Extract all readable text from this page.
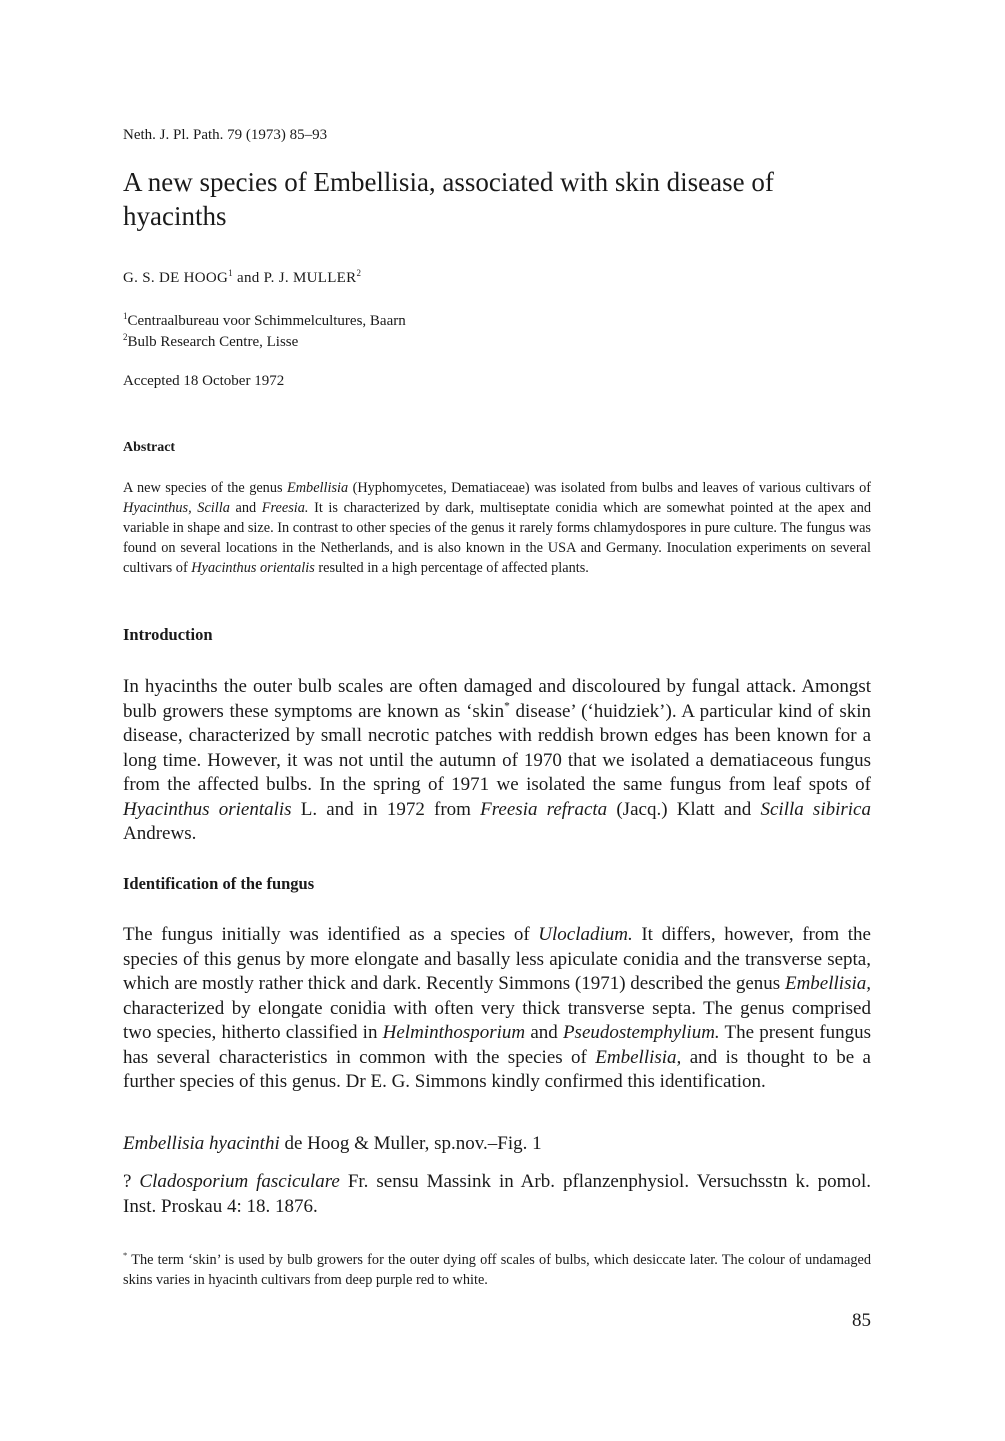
Neth. J. Pl. Path. 79 (1973) 85–93
A new species of Embellisia, associated with skin disease of hyacinths
G. S. DE HOOG$^1$ and P. J. MULLER$^2$
$^1$Centraalbureau voor Schimmelcultures, Baarn
$^2$Bulb Research Centre, Lisse
Accepted 18 October 1972
Abstract
A new species of the genus Embellisia (Hyphomycetes, Dematiaceae) was isolated from bulbs and leaves of various cultivars of Hyacinthus, Scilla and Freesia. It is characterized by dark, multiseptate conidia which are somewhat pointed at the apex and variable in shape and size. In contrast to other species of the genus it rarely forms chlamydospores in pure culture. The fungus was found on several locations in the Netherlands, and is also known in the USA and Germany. Inoculation experiments on several cultivars of Hyacinthus orientalis resulted in a high percentage of affected plants.
Introduction
In hyacinths the outer bulb scales are often damaged and discoloured by fungal attack. Amongst bulb growers these symptoms are known as ‘skin* disease’ (‘huidziek’). A particular kind of skin disease, characterized by small necrotic patches with reddish brown edges has been known for a long time. However, it was not until the autumn of 1970 that we isolated a dematiaceous fungus from the affected bulbs. In the spring of 1971 we isolated the same fungus from leaf spots of Hyacinthus orientalis L. and in 1972 from Freesia refracta (Jacq.) Klatt and Scilla sibirica Andrews.
Identification of the fungus
The fungus initially was identified as a species of Ulocladium. It differs, however, from the species of this genus by more elongate and basally less apiculate conidia and the transverse septa, which are mostly rather thick and dark. Recently Simmons (1971) described the genus Embellisia, characterized by elongate conidia with often very thick transverse septa. The genus comprised two species, hitherto classified in Helminthosporium and Pseudostemphylium. The present fungus has several characteristics in common with the species of Embellisia, and is thought to be a further species of this genus. Dr E. G. Simmons kindly confirmed this identification.
Embellisia hyacinthi de Hoog & Muller, sp.nov.–Fig. 1
? Cladosporium fasciculare Fr. sensu Massink in Arb. pflanzenphysiol. Versuchsstn k. pomol. Inst. Proskau 4: 18. 1876.
* The term ‘skin’ is used by bulb growers for the outer dying off scales of bulbs, which desiccate later. The colour of undamaged skins varies in hyacinth cultivars from deep purple red to white.
85
